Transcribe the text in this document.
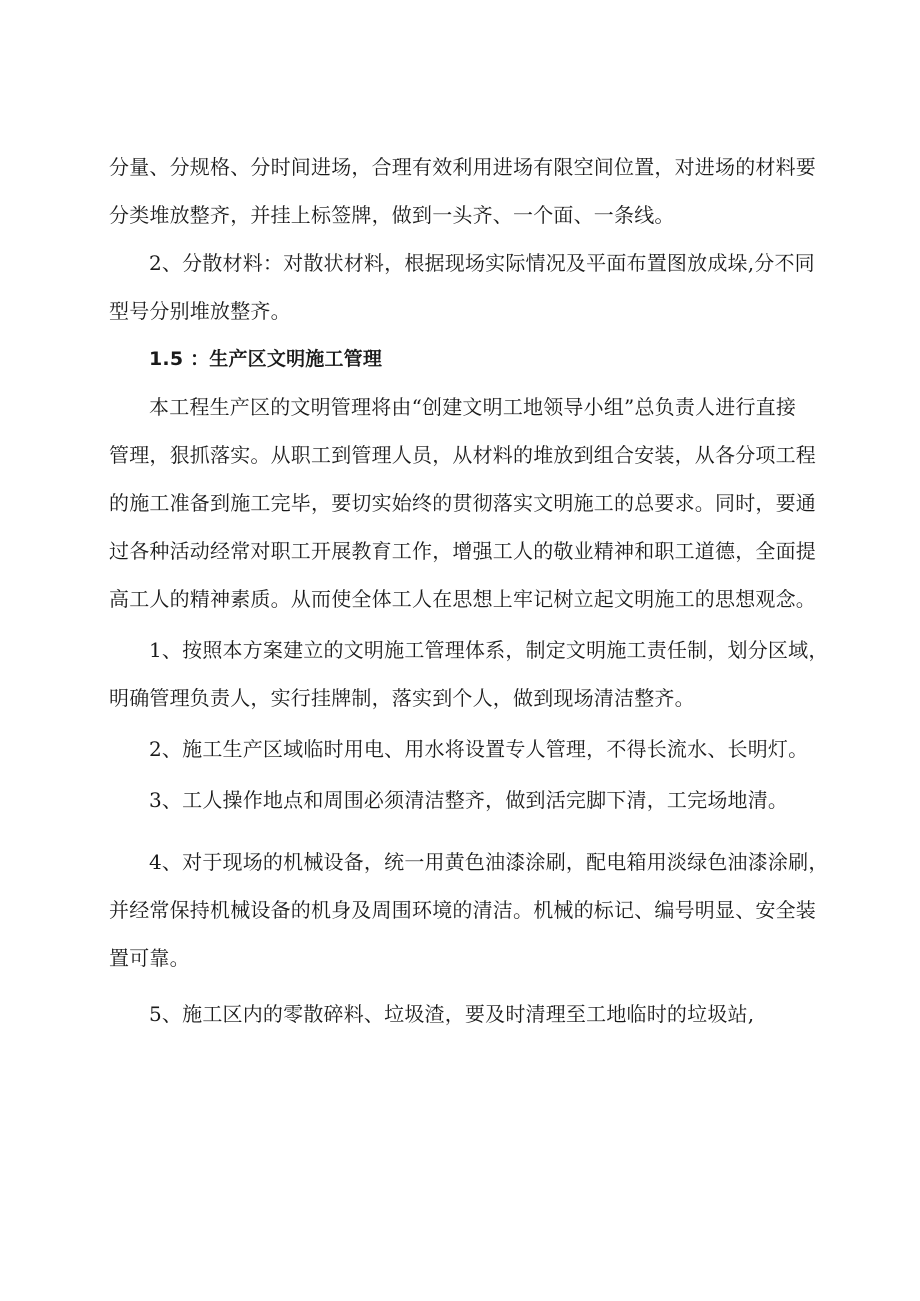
分量、分规格、分时间进场，合理有效利用进场有限空间位置，对进场的材料要
分类堆放整齐，并挂上标签牌，做到一头齐、一个面、一条线。
2、分散材料：对散状材料，根据现场实际情况及平面布置图放成垛,分不同
型号分别堆放整齐。
1.5 ：生产区文明施工管理
本工程生产区的文明管理将由“创建文明工地领导小组”总负责人进行直接
管理，狠抓落实。从职工到管理人员，从材料的堆放到组合安装，从各分项工程
的施工准备到施工完毕，要切实始终的贯彻落实文明施工的总要求。同时，要通
过各种活动经常对职工开展教育工作，增强工人的敬业精神和职工道德，全面提
高工人的精神素质。从而使全体工人在思想上牢记树立起文明施工的思想观念。
1、按照本方案建立的文明施工管理体系，制定文明施工责任制，划分区域，
明确管理负责人，实行挂牌制，落实到个人，做到现场清洁整齐。
2、施工生产区域临时用电、用水将设置专人管理，不得长流水、长明灯。
3、工人操作地点和周围必须清洁整齐，做到活完脚下清，工完场地清。
4、对于现场的机械设备，统一用黄色油漆涂刷，配电箱用淡绿色油漆涂刷，
并经常保持机械设备的机身及周围环境的清洁。机械的标记、编号明显、安全装
置可靠。
5、施工区内的零散碎料、垃圾渣，要及时清理至工地临时的垃圾站,
